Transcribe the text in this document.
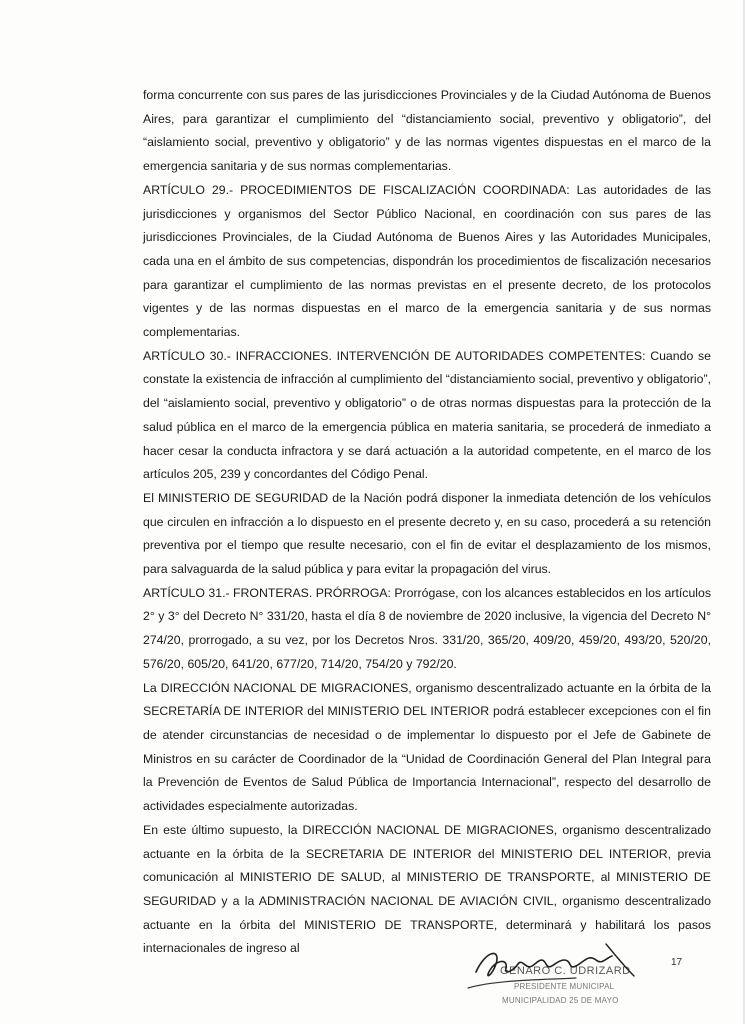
forma concurrente con sus pares de las jurisdicciones Provinciales y de la Ciudad Autónoma de Buenos Aires, para garantizar el cumplimiento del “distanciamiento social, preventivo y obligatorio”, del “aislamiento social, preventivo y obligatorio” y de las normas vigentes dispuestas en el marco de la emergencia sanitaria y de sus normas complementarias.

ARTÍCULO 29.- PROCEDIMIENTOS DE FISCALIZACIÓN COORDINADA: Las autoridades de las jurisdicciones y organismos del Sector Público Nacional, en coordinación con sus pares de las jurisdicciones Provinciales, de la Ciudad Autónoma de Buenos Aires y las Autoridades Municipales, cada una en el ámbito de sus competencias, dispondrán los procedimientos de fiscalización necesarios para garantizar el cumplimiento de las normas previstas en el presente decreto, de los protocolos vigentes y de las normas dispuestas en el marco de la emergencia sanitaria y de sus normas complementarias.

ARTÍCULO 30.- INFRACCIONES. INTERVENCIÓN DE AUTORIDADES COMPETENTES: Cuando se constate la existencia de infracción al cumplimiento del “distanciamiento social, preventivo y obligatorio”, del “aislamiento social, preventivo y obligatorio” o de otras normas dispuestas para la protección de la salud pública en el marco de la emergencia pública en materia sanitaria, se procederá de inmediato a hacer cesar la conducta infractora y se dará actuación a la autoridad competente, en el marco de los artículos 205, 239 y concordantes del Código Penal.

El MINISTERIO DE SEGURIDAD de la Nación podrá disponer la inmediata detención de los vehículos que circulen en infracción a lo dispuesto en el presente decreto y, en su caso, procederá a su retención preventiva por el tiempo que resulte necesario, con el fin de evitar el desplazamiento de los mismos, para salvaguarda de la salud pública y para evitar la propagación del virus.

ARTÍCULO 31.- FRONTERAS. PRÓRROGA: Prorrógase, con los alcances establecidos en los artículos 2° y 3° del Decreto N° 331/20, hasta el día 8 de noviembre de 2020 inclusive, la vigencia del Decreto N° 274/20, prorrogado, a su vez, por los Decretos Nros. 331/20, 365/20, 409/20, 459/20, 493/20, 520/20, 576/20, 605/20, 641/20, 677/20, 714/20, 754/20 y 792/20.

La DIRECCIÓN NACIONAL DE MIGRACIONES, organismo descentralizado actuante en la órbita de la SECRETARÍA DE INTERIOR del MINISTERIO DEL INTERIOR podrá establecer excepciones con el fin de atender circunstancias de necesidad o de implementar lo dispuesto por el Jefe de Gabinete de Ministros en su carácter de Coordinador de la “Unidad de Coordinación General del Plan Integral para la Prevención de Eventos de Salud Pública de Importancia Internacional”, respecto del desarrollo de actividades especialmente autorizadas.

En este último supuesto, la DIRECCIÓN NACIONAL DE MIGRACIONES, organismo descentralizado actuante en la órbita de la SECRETARIA DE INTERIOR del MINISTERIO DEL INTERIOR, previa comunicación al MINISTERIO DE SALUD, al MINISTERIO DE TRANSPORTE, al MINISTERIO DE SEGURIDAD y a la ADMINISTRACIÓN NACIONAL DE AVIACIÓN CIVIL, organismo descentralizado actuante en la órbita del MINISTERIO DE TRANSPORTE, determinará y habilitará los pasos internacionales de ingreso al

17
GENARO C. UDRIZARD
PRESIDENTE MUNICIPAL
MUNICIPALIDAD 25 DE MAYO
